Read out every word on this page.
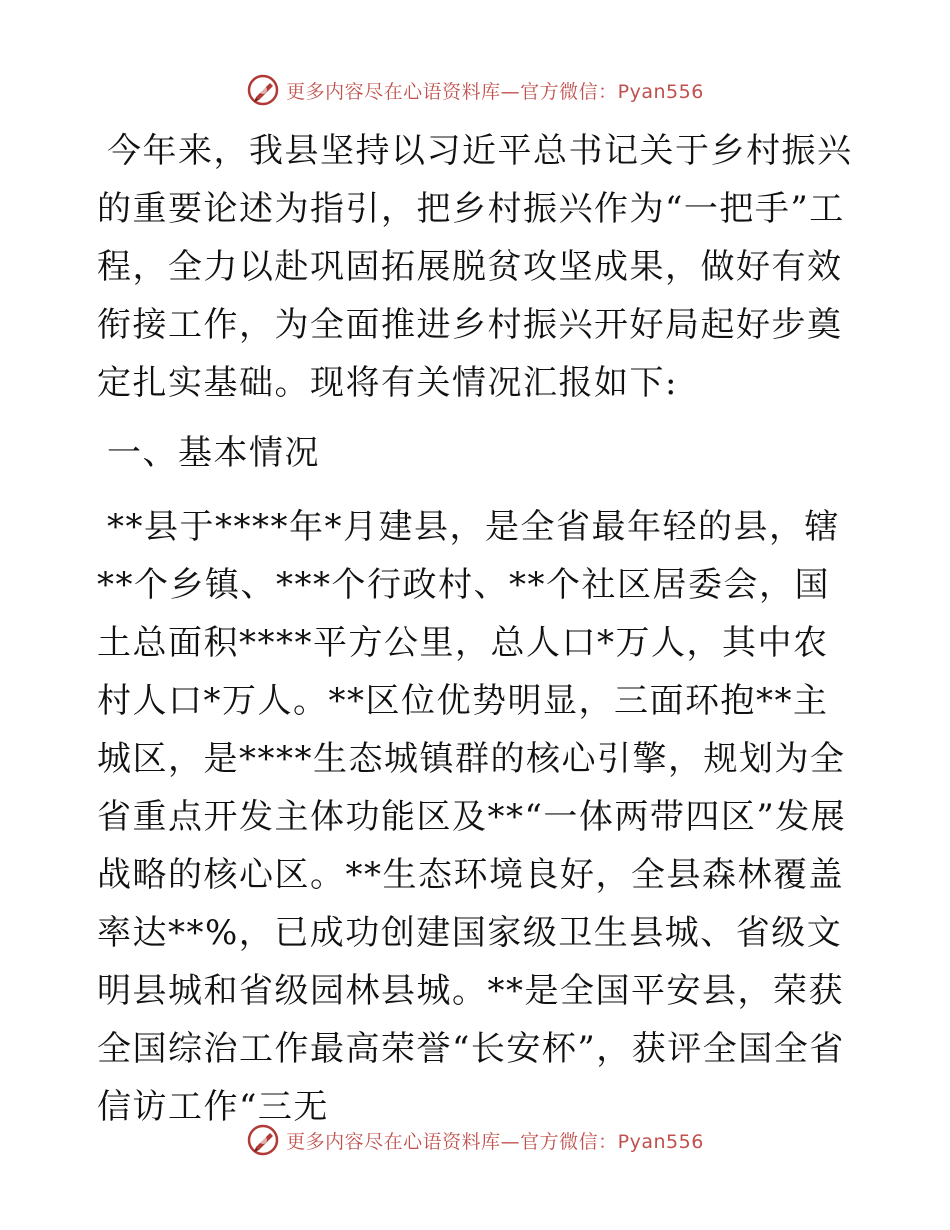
更多内容尽在心语资料库—官方微信：Pyan556

今年来，我县坚持以习近平总书记关于乡村振兴的重要论述为指引，把乡村振兴作为“一把手”工程，全力以赴巩固拓展脱贫攻坚成果，做好有效衔接工作，为全面推进乡村振兴开好局起好步奠定扎实基础。现将有关情况汇报如下:

一、基本情况

**县于****年*月建县，是全省最年轻的县，辖**个乡镇、***个行政村、**个社区居委会，国土总面积****平方公里，总人口*万人，其中农村人口*万人。**区位优势明显，三面环抱**主城区，是****生态城镇群的核心引擎，规划为全省重点开发主体功能区及**“一体两带四区”发展战略的核心区。**生态环境良好，全县森林覆盖率达**%，已成功创建国家级卫生县城、省级文明县城和省级园林县城。**是全国平安县，荣获全国综治工作最高荣誉“长安杯”，获评全国全省信访工作“三无

更多内容尽在心语资料库—官方微信：Pyan556
